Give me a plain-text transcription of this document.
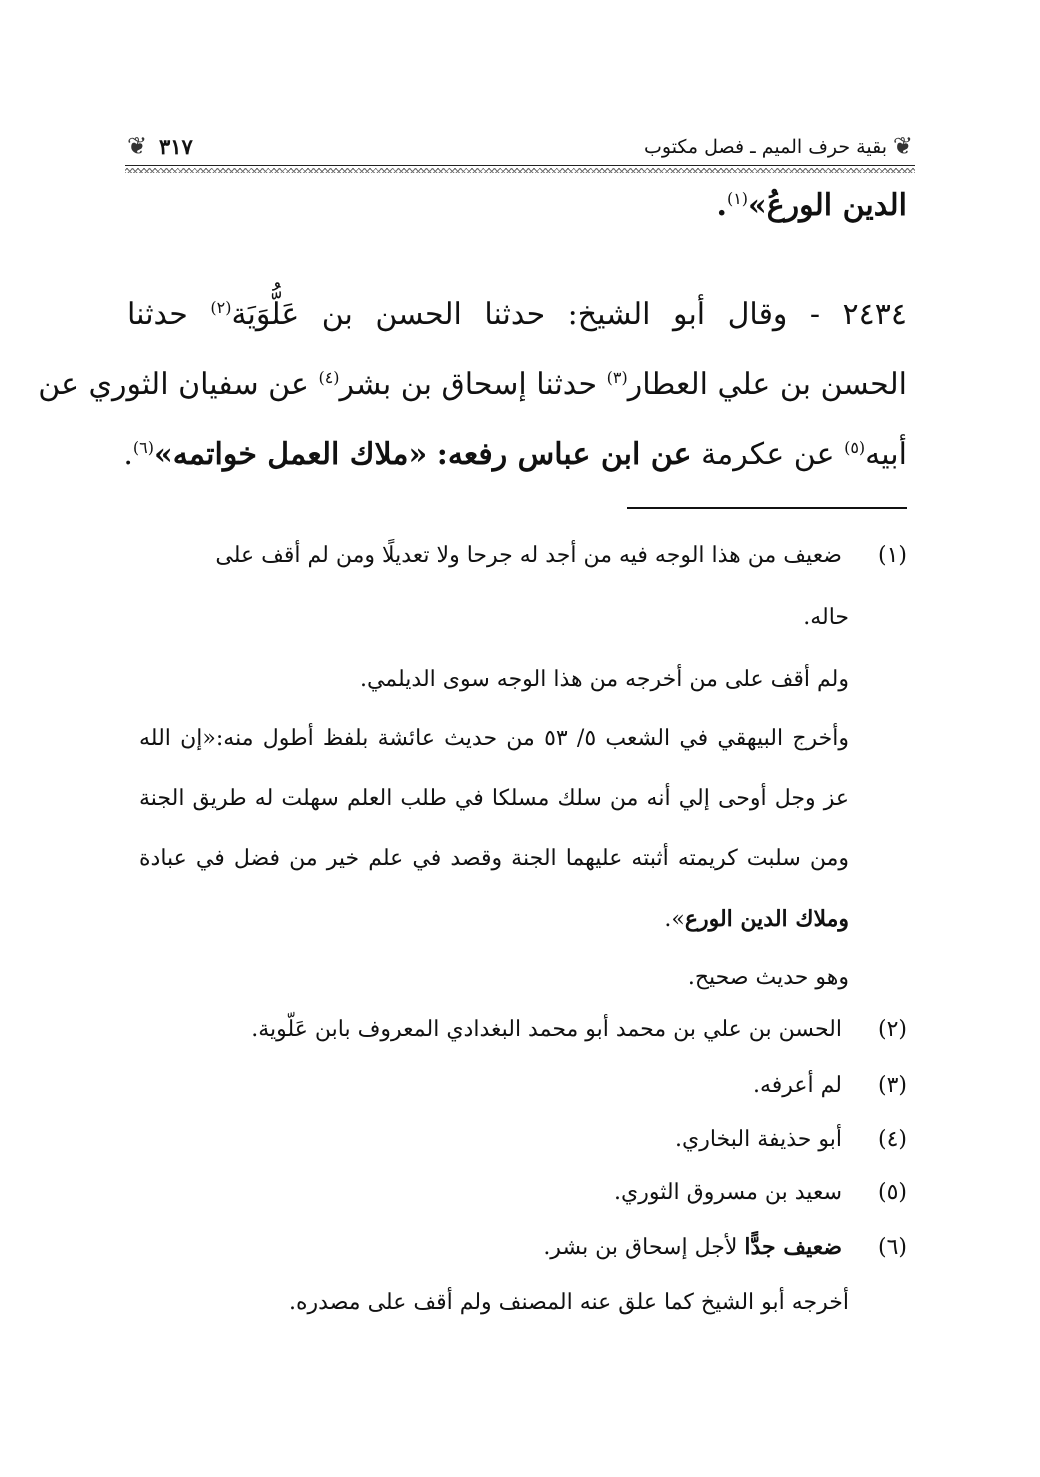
❦
بقية حرف الميم ـ فصل مكتوب
٣١٧
❦
الدين الورعُ»$^{(١)}$.
٢٤٣٤ - وقال أبو الشيخ: حدثنا الحسن بن عَلُّوَيَة$^{(٢)}$ حدثنا
الحسن بن علي العطار$^{(٣)}$ حدثنا إسحاق بن بشر$^{(٤)}$ عن سفيان الثوري عن
أبيه$^{(٥)}$ عن عكرمة عن ابن عباس رفعه: «ملاك العمل خواتمه»$^{(٦)}$.
(١) ضعيف من هذا الوجه فيه من أجد له جرحا ولا تعديلًا ومن لم أقف على
حاله.
ولم أقف على من أخرجه من هذا الوجه سوى الديلمي.
وأخرج البيهقي في الشعب ٥/ ٥٣ من حديث عائشة بلفظ أطول منه:«إن الله
عز وجل أوحى إلي أنه من سلك مسلكا في طلب العلم سهلت له طريق الجنة
ومن سلبت كريمته أثبته عليهما الجنة وقصد في علم خير من فضل في عبادة
وملاك الدين الورع».
وهو حديث صحيح.
(٢) الحسن بن علي بن محمد أبو محمد البغدادي المعروف بابن عَلّوية.
(٣) لم أعرفه.
(٤) أبو حذيفة البخاري.
(٥) سعيد بن مسروق الثوري.
(٦) ضعيف جدًّا لأجل إسحاق بن بشر.
أخرجه أبو الشيخ كما علق عنه المصنف ولم أقف على مصدره.
